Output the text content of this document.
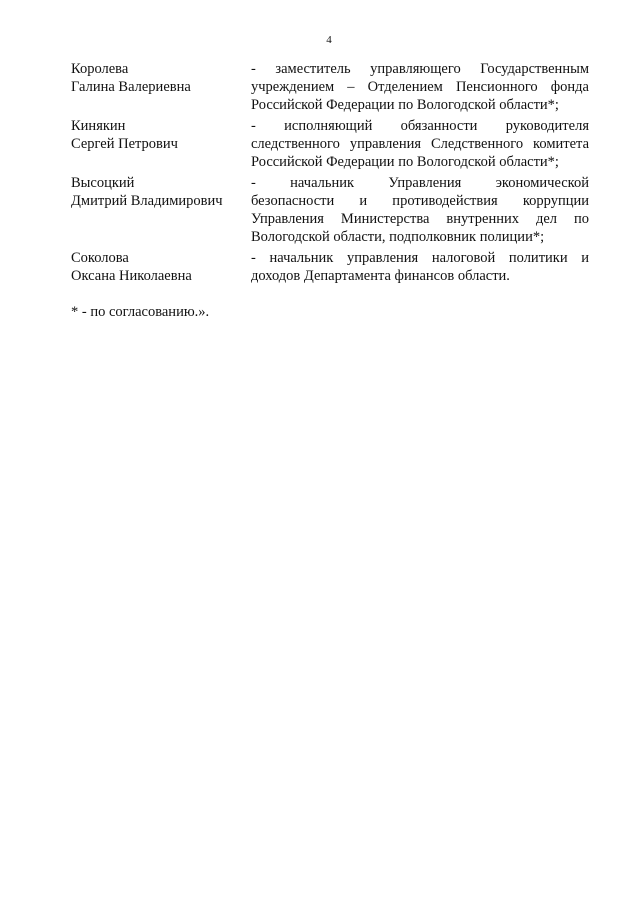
4
Королева
Галина Валериевна
- заместитель управляющего Государственным
учреждением – Отделением Пенсионного фонда
Российской Федерации по Вологодской области*;
Кинякин
Сергей Петрович
- исполняющий обязанности руководителя
следственного управления Следственного комитета
Российской Федерации по Вологодской области*;
Высоцкий
Дмитрий Владимирович
- начальник Управления экономической
безопасности и противодействия коррупции
Управления Министерства внутренних дел по
Вологодской области, подполковник полиции*;
Соколова
Оксана Николаевна
- начальник управления налоговой политики и
доходов Департамента финансов области.
* - по согласованию.».
